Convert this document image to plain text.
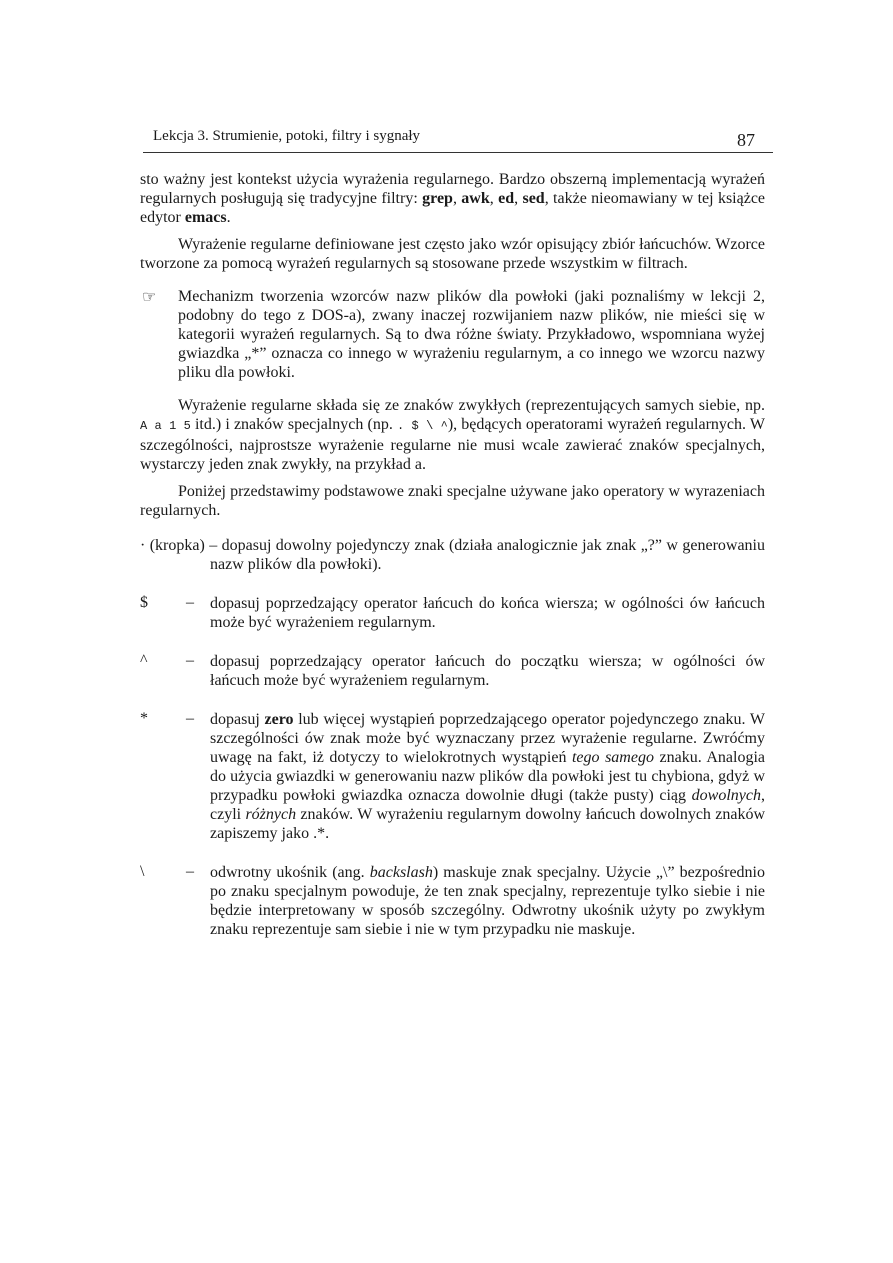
Lekcja 3. Strumienie, potoki, filtry i sygnały	87

sto ważny jest kontekst użycia wyrażenia regularnego. Bardzo obszerną implementacją wyrażeń regularnych posługują się tradycyjne filtry: grep, awk, ed, sed, także nieomawiany w tej książce edytor emacs.

Wyrażenie regularne definiowane jest często jako wzór opisujący zbiór łańcuchów. Wzorce tworzone za pomocą wyrażeń regularnych są stosowane przede wszystkim w filtrach.

☞ Mechanizm tworzenia wzorców nazw plików dla powłoki (jaki poznaliśmy w lekcji 2, podobny do tego z DOS-a), zwany inaczej rozwijaniem nazw plików, nie mieści się w kategorii wyrażeń regularnych. Są to dwa różne światy. Przykładowo, wspomniana wyżej gwiazdka „*” oznacza co innego w wyrażeniu regularnym, a co innego we wzorcu nazwy pliku dla powłoki.

Wyrażenie regularne składa się ze znaków zwykłych (reprezentujących samych siebie, np. A a 1 5 itd.) i znaków specjalnych (np. . $ \ ^), będących operatorami wyrażeń regularnych. W szczególności, najprostsze wyrażenie regularne nie musi wcale zawierać znaków specjalnych, wystarczy jeden znak zwykły, na przykład a.

Poniżej przedstawimy podstawowe znaki specjalne używane jako operatory w wyrazeniach regularnych.

· (kropka) – dopasuj dowolny pojedynczy znak (działa analogicznie jak znak „?” w generowaniu nazw plików dla powłoki).

$ – dopasuj poprzedzający operator łańcuch do końca wiersza; w ogólności ów łańcuch może być wyrażeniem regularnym.

^ – dopasuj poprzedzający operator łańcuch do początku wiersza; w ogólności ów łańcuch może być wyrażeniem regularnym.

* – dopasuj zero lub więcej wystąpień poprzedzającego operator pojedynczego znaku. W szczególności ów znak może być wyznaczany przez wyrażenie regularne. Zwróćmy uwagę na fakt, iż dotyczy to wielokrotnych wystąpień tego samego znaku. Analogia do użycia gwiazdki w generowaniu nazw plików dla powłoki jest tu chybiona, gdyż w przypadku powłoki gwiazdka oznacza dowolnie długi (także pusty) ciąg dowolnych, czyli różnych znaków. W wyrażeniu regularnym dowolny łańcuch dowolnych znaków zapiszemy jako .*.

\	– odwrotny ukośnik (ang. backslash) maskuje znak specjalny. Użycie „\” bezpośrednio po znaku specjalnym powoduje, że ten znak specjalny, reprezentuje tylko siebie i nie będzie interpretowany w sposób szczególny. Odwrotny ukośnik użyty po zwykłym znaku reprezentuje sam siebie i nie w tym przypadku nie maskuje.
